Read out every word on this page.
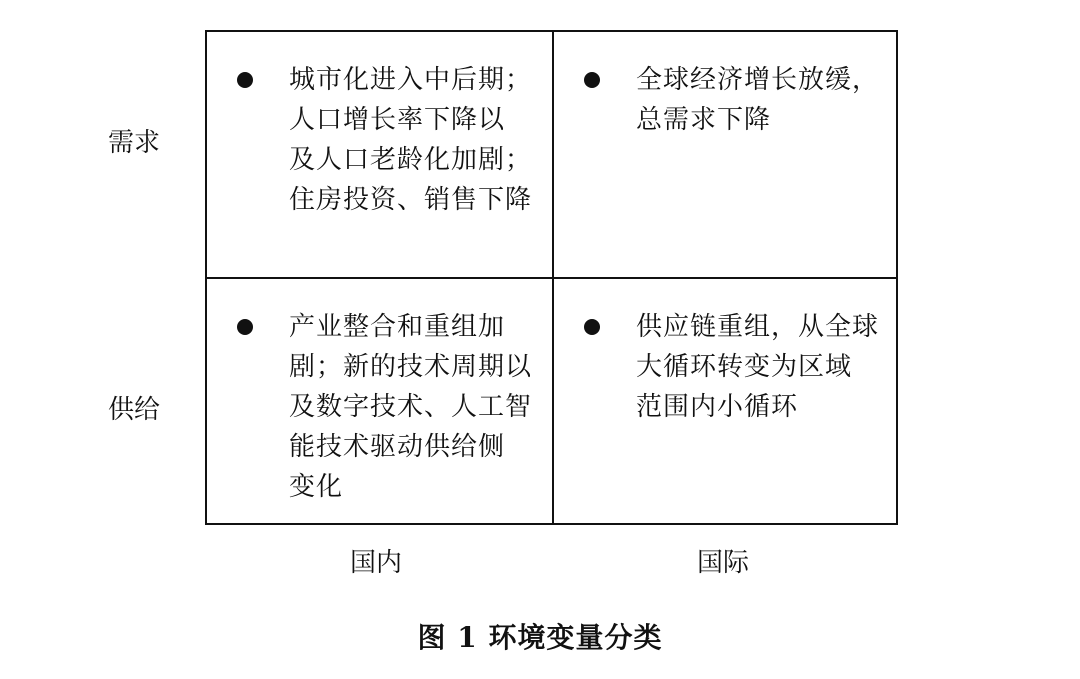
需求
供给
城市化进入中后期；
人口增长率下降以
及人口老龄化加剧；
住房投资、销售下降
全球经济增长放缓，
总需求下降
产业整合和重组加
剧；新的技术周期以
及数字技术、人工智
能技术驱动供给侧
变化
供应链重组，从全球
大循环转变为区域
范围内小循环
国内	国际
图 1 环境变量分类
